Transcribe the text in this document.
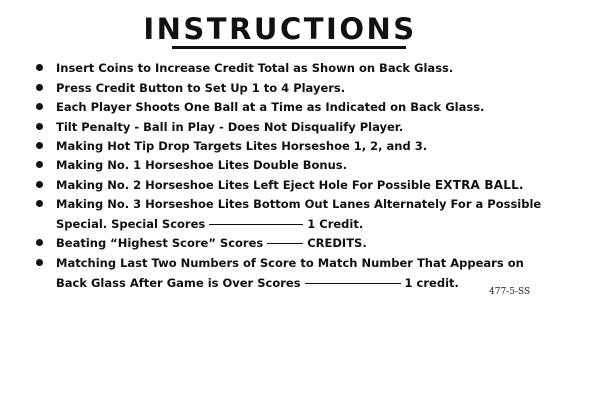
INSTRUCTIONS
Insert Coins to Increase Credit Total as Shown on Back Glass.
Press Credit Button to Set Up 1 to 4 Players.
Each Player Shoots One Ball at a Time as Indicated on Back Glass.
Tilt Penalty - Ball in Play - Does Not Disqualify Player.
Making Hot Tip Drop Targets Lites Horseshoe 1, 2, and 3.
Making No. 1 Horseshoe Lites Double Bonus.
Making No. 2 Horseshoe Lites Left Eject Hole For Possible EXTRA BALL.
Making No. 3 Horseshoe Lites Bottom Out Lanes Alternately For a Possible
Special. Special Scores	1 Credit.
Beating “Highest Score” Scores	CREDITS.
Matching Last Two Numbers of Score to Match Number That Appears on
Back Glass After Game is Over Scores	1 credit.
477-5-SS
